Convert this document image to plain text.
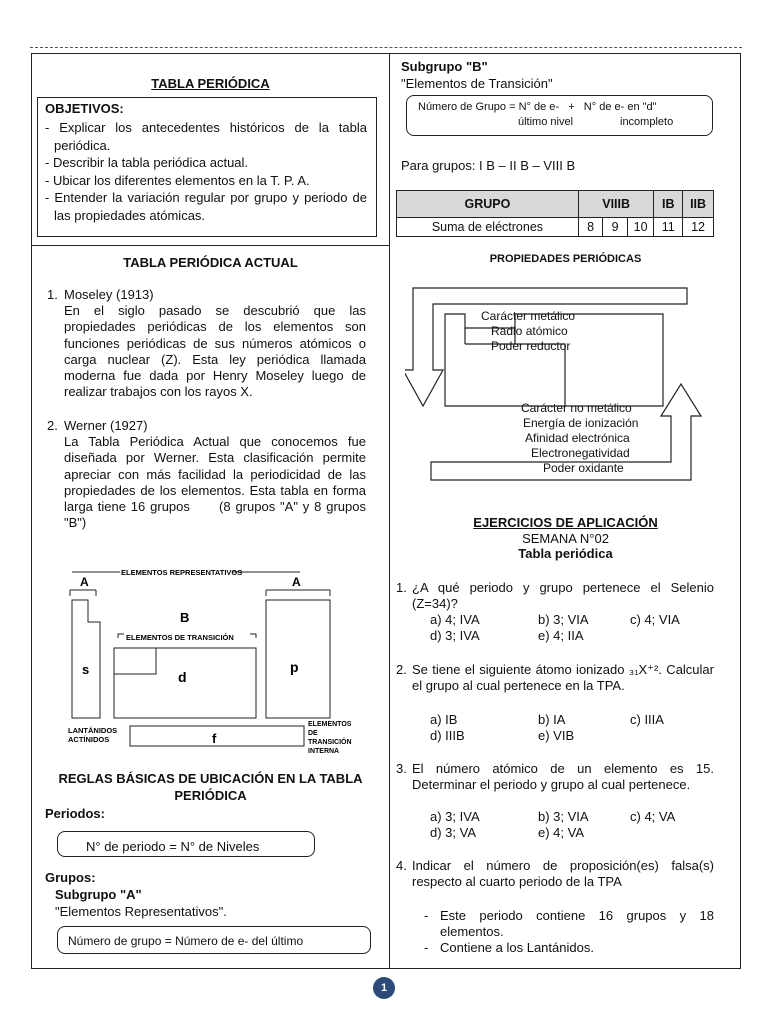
TABLA PERIÓDICA
OBJETIVOS:
- Explicar los antecedentes históricos de la tabla periódica.
- Describir la tabla periódica actual.
- Ubicar los diferentes elementos en la T. P. A.
- Entender la variación regular por grupo y periodo de las propiedades atómicas.
TABLA PERIÓDICA ACTUAL
1. Moseley (1913)
En el siglo pasado se descubrió que las propiedades periódicas de los elementos son funciones periódicas de sus números atómicos o carga nuclear (Z). Esta ley periódica llamada moderna fue dada por Henry Moseley luego de realizar trabajos con los rayos X.
2. Werner (1927)
La Tabla Periódica Actual que conocemos fue diseñada por Werner. Esta clasificación permite apreciar con más facilidad la periodicidad de las propiedades de los elementos. Esta tabla en forma larga tiene 16 grupos      (8 grupos "A" y 8 grupos "B")
ELEMENTOS REPRESENTATIVOS
A	A
B
ELEMENTOS DE TRANSICIÓN
s	d
p
f
LANTÁNIDOS
ACTÍNIDOS
ELEMENTOS
DE
TRANSICIÓN
INTERNA
REGLAS BÁSICAS DE UBICACIÓN EN LA TABLA
PERIÓDICA
Periodos:
N° de periodo = N° de Niveles
Grupos:
Subgrupo "A"
"Elementos Representativos".
Número de grupo = Número de e- del último
Subgrupo "B"
"Elementos de Transición"
Número de Grupo = N° de e-   +   N° de e- en "d"
último nivel	incompleto
Para grupos: I B – II B – VIII B
GRUPO	VIIIB			IB	IIB
Suma de eléctrones	8	9	10	11	12
PROPIEDADES PERIÓDICAS
Carácter metálico
Radio atómico
Poder reductor
Carácter no metálico
Energía de ionización
Afinidad electrónica
Electronegatividad
Poder oxidante
EJERCICIOS DE APLICACIÓN
SEMANA N°02
Tabla periódica
1. ¿A qué periodo y grupo pertenece el Selenio (Z=34)?
a) 4; IVA	b) 3; VIA	c) 4; VIA
d) 3; IVA	e) 4; IIA
2. Se tiene el siguiente átomo ionizado ₃₁X⁺². Calcular el grupo al cual pertenece en la TPA.
a) IB	b) IA	c) IIIA
d) IIIB	e) VIB
3. El número atómico de un elemento es 15. Determinar el periodo y grupo al cual pertenece.
a) 3; IVA	b) 3; VIA	c) 4; VA
d) 3; VA	e) 4; VA
4. Indicar el número de proposición(es) falsa(s) respecto al cuarto periodo de la TPA
- Este periodo contiene 16 grupos y 18 elementos.
- Contiene a los Lantánidos.
1
